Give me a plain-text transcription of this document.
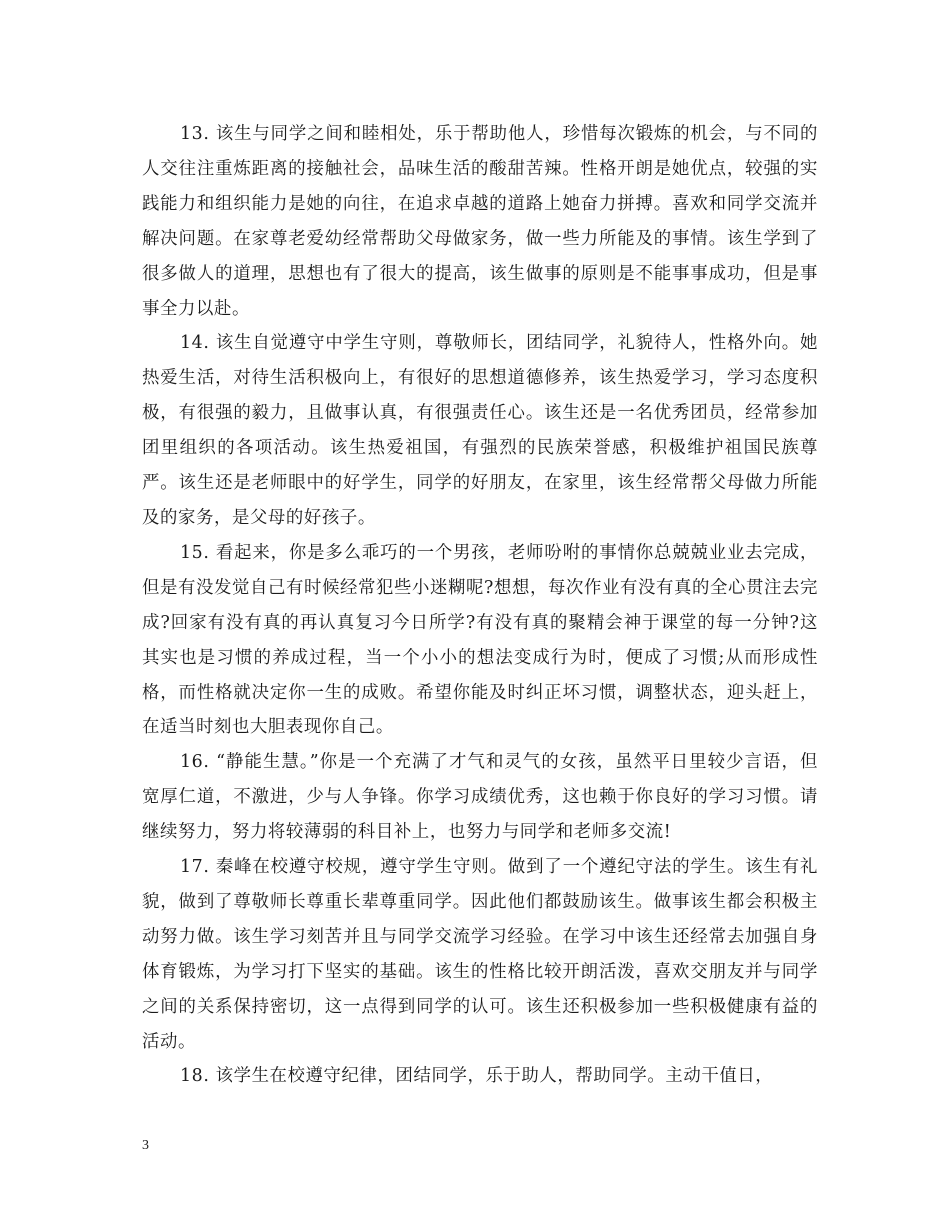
13. 该生与同学之间和睦相处，乐于帮助他人，珍惜每次锻炼的机会，与不同的人交往注重炼距离的接触社会，品味生活的酸甜苦辣。性格开朗是她优点，较强的实践能力和组织能力是她的向往，在追求卓越的道路上她奋力拼搏。喜欢和同学交流并解决问题。在家尊老爱幼经常帮助父母做家务，做一些力所能及的事情。该生学到了很多做人的道理，思想也有了很大的提高，该生做事的原则是不能事事成功，但是事事全力以赴。

14. 该生自觉遵守中学生守则，尊敬师长，团结同学，礼貌待人，性格外向。她热爱生活，对待生活积极向上，有很好的思想道德修养，该生热爱学习，学习态度积极，有很强的毅力，且做事认真，有很强责任心。该生还是一名优秀团员，经常参加团里组织的各项活动。该生热爱祖国，有强烈的民族荣誉感，积极维护祖国民族尊严。该生还是老师眼中的好学生，同学的好朋友，在家里，该生经常帮父母做力所能及的家务，是父母的好孩子。

15. 看起来，你是多么乖巧的一个男孩，老师吩咐的事情你总兢兢业业去完成，但是有没发觉自己有时候经常犯些小迷糊呢?想想，每次作业有没有真的全心贯注去完成?回家有没有真的再认真复习今日所学?有没有真的聚精会神于课堂的每一分钟?这其实也是习惯的养成过程，当一个小小的想法变成行为时，便成了习惯;从而形成性格，而性格就决定你一生的成败。希望你能及时纠正坏习惯，调整状态，迎头赶上，在适当时刻也大胆表现你自己。

16. “静能生慧。”你是一个充满了才气和灵气的女孩，虽然平日里较少言语，但宽厚仁道，不激进，少与人争锋。你学习成绩优秀，这也赖于你良好的学习习惯。请继续努力，努力将较薄弱的科目补上，也努力与同学和老师多交流!

17. 秦峰在校遵守校规，遵守学生守则。做到了一个遵纪守法的学生。该生有礼貌，做到了尊敬师长尊重长辈尊重同学。因此他们都鼓励该生。做事该生都会积极主动努力做。该生学习刻苦并且与同学交流学习经验。在学习中该生还经常去加强自身体育锻炼，为学习打下坚实的基础。该生的性格比较开朗活泼，喜欢交朋友并与同学之间的关系保持密切，这一点得到同学的认可。该生还积极参加一些积极健康有益的活动。

18. 该学生在校遵守纪律，团结同学，乐于助人，帮助同学。主动干值日，

3
